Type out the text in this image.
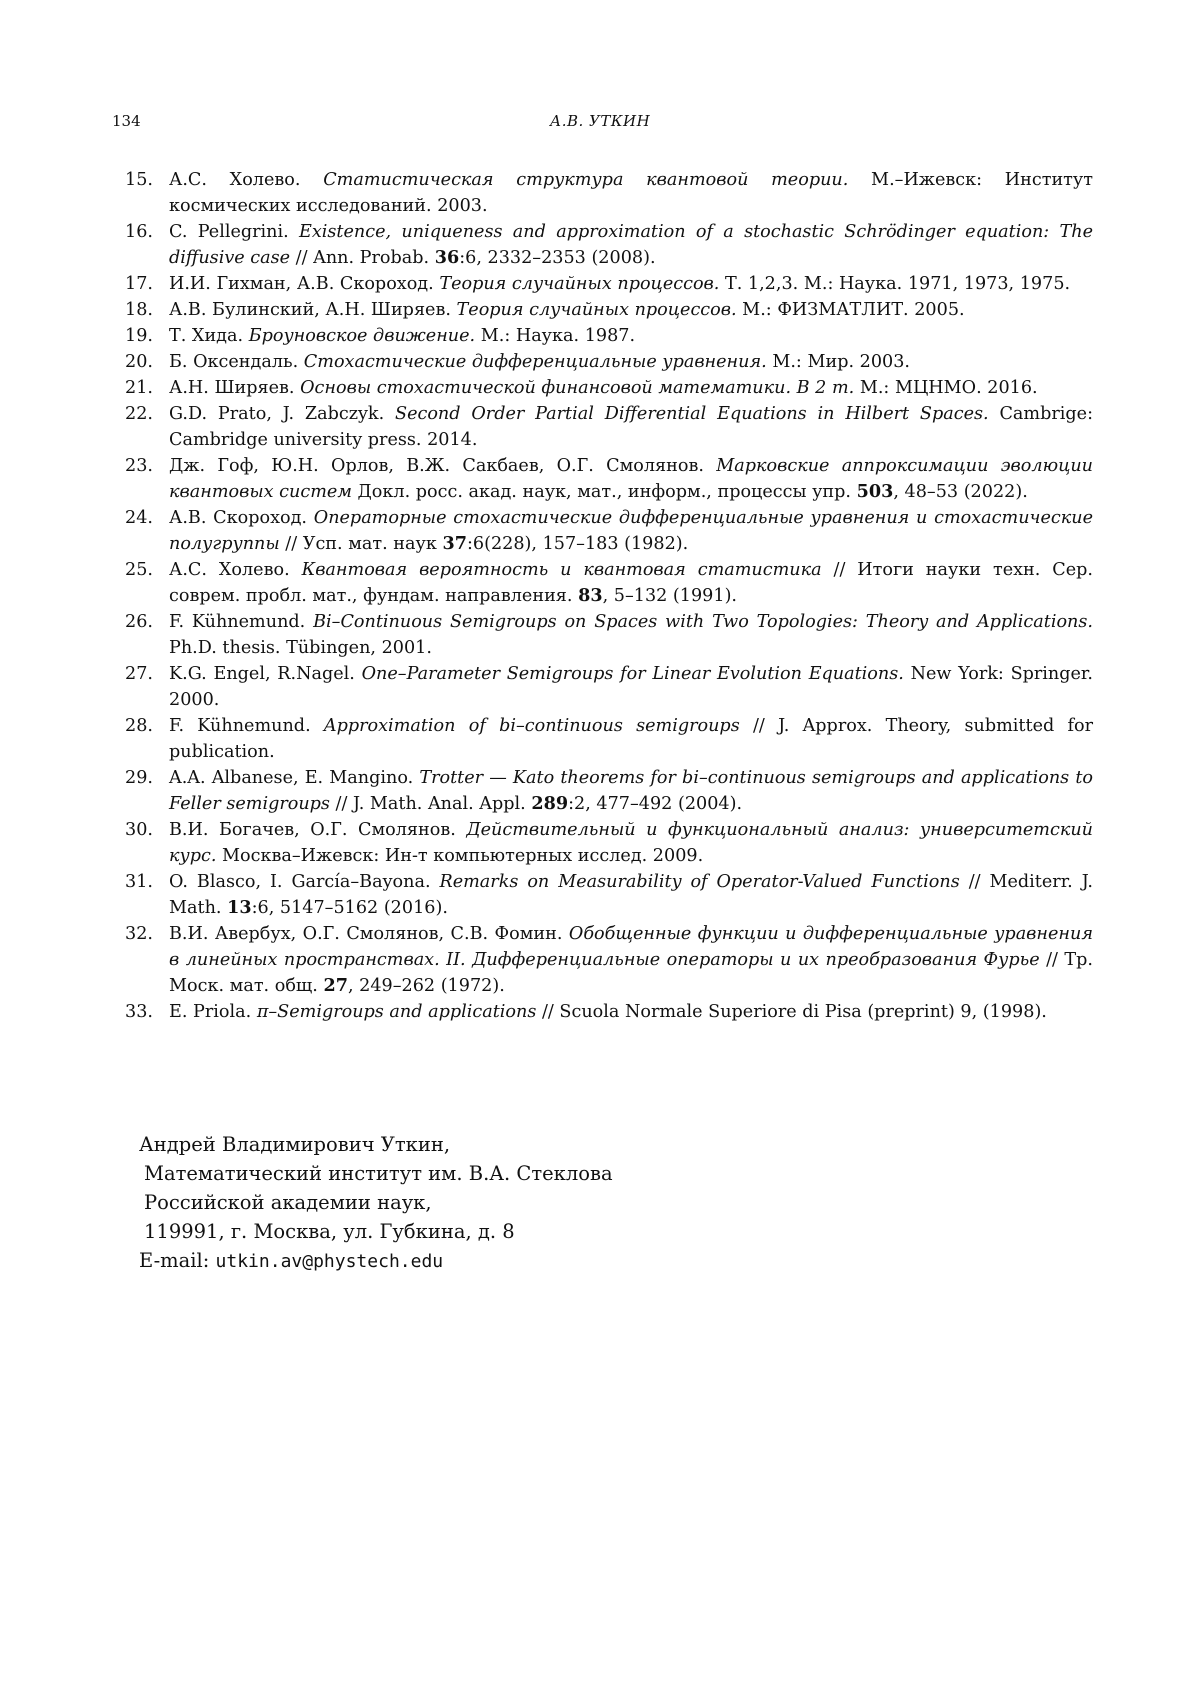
134	А.В. УТКИН
15. А.С. Холево. Статистическая структура квантовой теории. М.–Ижевск: Институт космических исследований. 2003.
16. C. Pellegrini. Existence, uniqueness and approximation of a stochastic Schrödinger equation: The diffusive case // Ann. Probab. 36:6, 2332–2353 (2008).
17. И.И. Гихман, А.В. Скороход. Теория случайных процессов. Т. 1,2,3. М.: Наука. 1971, 1973, 1975.
18. А.В. Булинский, А.Н. Ширяев. Теория случайных процессов. М.: ФИЗМАТЛИТ. 2005.
19. Т. Хида. Броуновское движение. М.: Наука. 1987.
20. Б. Оксендаль. Стохастические дифференциальные уравнения. М.: Мир. 2003.
21. А.Н. Ширяев. Основы стохастической финансовой математики. В 2 т. М.: МЦНМО. 2016.
22. G.D. Prato, J. Zabczyk. Second Order Partial Differential Equations in Hilbert Spaces. Cambrige: Cambridge university press. 2014.
23. Дж. Гоф, Ю.Н. Орлов, В.Ж. Сакбаев, О.Г. Смолянов. Марковские аппроксимации эволюции квантовых систем Докл. росс. акад. наук, мат., информ., процессы упр. 503, 48–53 (2022).
24. А.В. Скороход. Операторные стохастические дифференциальные уравнения и стохастические полугруппы // Усп. мат. наук 37:6(228), 157–183 (1982).
25. А.С. Холево. Квантовая вероятность и квантовая статистика // Итоги науки техн. Сер. соврем. пробл. мат., фундам. направления. 83, 5–132 (1991).
26. F. Kühnemund. Bi–Continuous Semigroups on Spaces with Two Topologies: Theory and Applications. Ph.D. thesis. Tübingen, 2001.
27. K.G. Engel, R.Nagel. One–Parameter Semigroups for Linear Evolution Equations. New York: Springer. 2000.
28. F. Kühnemund. Approximation of bi–continuous semigroups // J. Approx. Theory, submitted for publication.
29. A.A. Albanese, E. Mangino. Trotter — Kato theorems for bi–continuous semigroups and applications to Feller semigroups // J. Math. Anal. Appl. 289:2, 477–492 (2004).
30. В.И. Богачев, О.Г. Смолянов. Действительный и функциональный анализ: университетский курс. Москва–Ижевск: Ин-т компьютерных исслед. 2009.
31. O. Blasco, I. García–Bayona. Remarks on Measurability of Operator-Valued Functions // Mediterr. J. Math. 13:6, 5147–5162 (2016).
32. В.И. Авербух, О.Г. Смолянов, С.В. Фомин. Обобщенные функции и дифференциальные уравнения в линейных пространствах. II. Дифференциальные операторы и их преобразования Фурье // Тр. Моск. мат. общ. 27, 249–262 (1972).
33. E. Priola. π–Semigroups and applications // Scuola Normale Superiore di Pisa (preprint) 9, (1998).
Андрей Владимирович Уткин,
Математический институт им. В.А. Стеклова
Российской академии наук,
119991, г. Москва, ул. Губкина, д. 8
E-mail: utkin.av@phystech.edu
